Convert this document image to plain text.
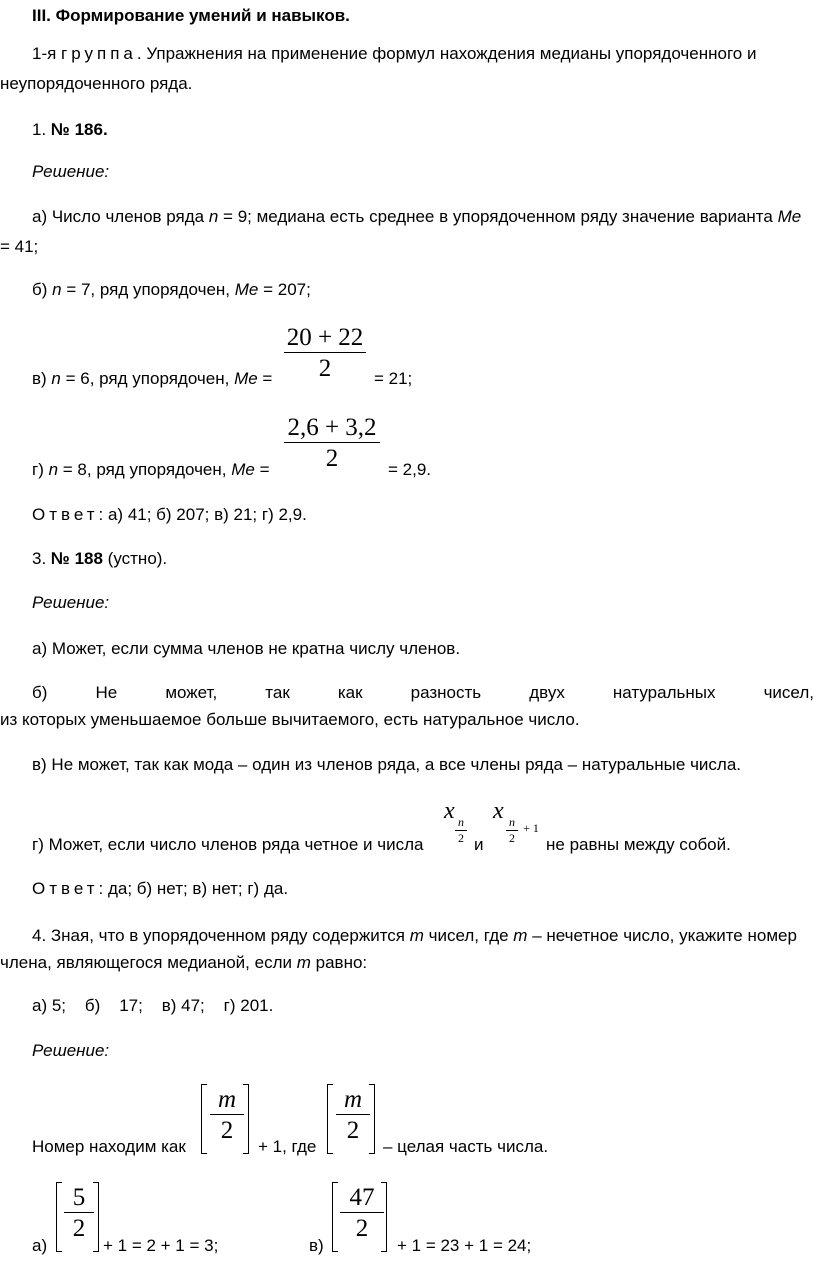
III. Формирование умений и навыков.
1-я группа. Упражнения на применение формул нахождения медианы упорядоченного и
неупорядоченного ряда.
1. № 186.
Решение:
а) Число членов ряда n = 9; медиана есть среднее в упорядоченном ряду значение варианта Me
= 41;
б) n = 7, ряд упорядочен, Me = 207;
в) n = 6, ряд упорядочен, $Me = \frac{20 + 22}{2} = 21$;
г) n = 8, ряд упорядочен, $Me = \frac{2,6 + 3,2}{2} = 2,9$.
Ответ: а) 41; б) 207; в) 21; г) 2,9.
3. № 188 (устно).
Решение:
а) Может, если сумма членов не кратна числу членов.
б)	Не	может,	так	как	разность	двух	натуральных	чисел,
из которых уменьшаемое больше вычитаемого, есть натуральное число.
в) Не может, так как мода – один из членов ряда, а все члены ряда – натуральные числа.
г) Может, если число членов ряда четное и числа
x n
2 и
x n
2
+ 1
не равны между собой.
Ответ: да; б) нет; в) нет; г) да.
4. Зная, что в упорядоченном ряду содержится m чисел, где m – нечетное число, укажите номер
члена, являющегося медианой, если m равно:
а) 5;    б)    17;    в) 47;    г) 201.
Решение:
Номер находим как
$\frac{m}{2}$
+ 1, где
$\frac{m}{2}$
– целая часть числа.
а)
$\frac{5}{2}$
+ 1 = 2 + 1 = 3;	в)
$\frac{47}{2}$
+ 1 = 23 + 1 = 24;
